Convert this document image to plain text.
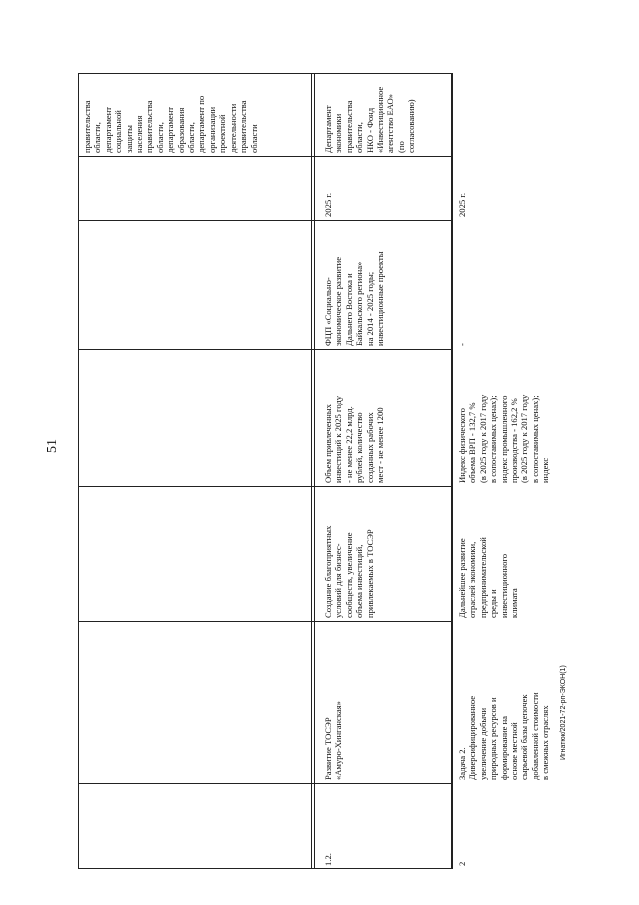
51
Игнатюк/2021-72-рп-ЭКОН(1)
правительства
области,
департамент
социальной
защиты
населения
правительства
области,
департамент
образования
области,
департамент по
организации
проектной
деятельности
правительства
области
1.2.
Развитие ТОСЭР
«Амуро-Хинганская»
Создание благоприятных
условий для бизнес-
сообществ, увеличение
объема инвестиций,
привлекаемых в ТОСЭР
Объем привлеченных
инвестиций к 2025 году
- не менее 22,2 млрд.
рублей, количество
созданных рабочих
мест - не менее 1200
ФЦП «Социально-
экономическое развитие
Дальнего Востока и
Байкальского региона»
на 2014 - 2025 годы;
инвестиционные проекты
2025 г.
Департамент
экономики
правительства
области,
НКО - Фонд
«Инвестиционное
агентство ЕАО»
(по
согласованию)
2
Задача 2.
Диверсифицированное
увеличение добычи
природных ресурсов и
формирование на
основе местной
сырьевой базы цепочек
добавленной стоимости
в смежных отраслях
Дальнейшее развитие
отраслей экономики,
предпринимательской
среды и
инвестиционного
климата
Индекс физического
объема ВРП - 132,7 %
(в 2025 году к 2017 году
в сопоставимых ценах);
индекс промышленного
производства - 162,2 %
(в 2025 году к 2017 году
в сопоставимых ценах);
индекс
-
2025 г.
